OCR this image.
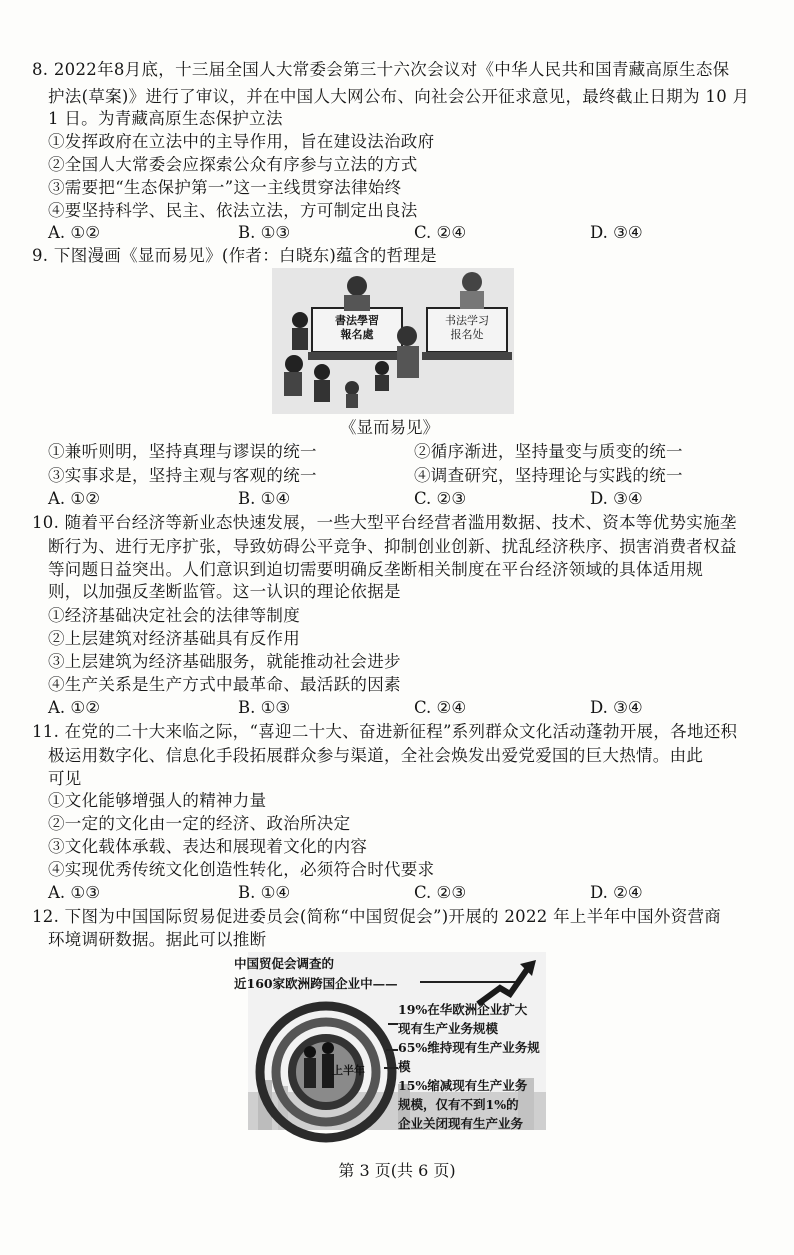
8. 2022年8月底，十三届全国人大常委会第三十六次会议对《中华人民共和国青藏高原生态保
护法(草案)》进行了审议，并在中国人大网公布、向社会公开征求意见，最终截止日期为 10 月
1 日。为青藏高原生态保护立法
①发挥政府在立法中的主导作用，旨在建设法治政府
②全国人大常委会应探索公众有序参与立法的方式
③需要把“生态保护第一”这一主线贯穿法律始终
④要坚持科学、民主、依法立法，方可制定出良法
A. ①②	B. ①③	C. ②④	D. ③④
9. 下图漫画《显而易见》(作者：白晓东)蕴含的哲理是
書法學習
報名處
书法学习
报名处
《显而易见》
①兼听则明，坚持真理与谬误的统一	②循序渐进，坚持量变与质变的统一
③实事求是，坚持主观与客观的统一	④调查研究，坚持理论与实践的统一
A. ①②	B. ①④	C. ②③	D. ③④
10. 随着平台经济等新业态快速发展，一些大型平台经营者滥用数据、技术、资本等优势实施垄
断行为、进行无序扩张，导致妨碍公平竞争、抑制创业创新、扰乱经济秩序、损害消费者权益
等问题日益突出。人们意识到迫切需要明确反垄断相关制度在平台经济领域的具体适用规
则，以加强反垄断监管。这一认识的理论依据是
①经济基础决定社会的法律等制度
②上层建筑对经济基础具有反作用
③上层建筑为经济基础服务，就能推动社会进步
④生产关系是生产方式中最革命、最活跃的因素
A. ①②	B. ①③	C. ②④	D. ③④
11. 在党的二十大来临之际，“喜迎二十大、奋进新征程”系列群众文化活动蓬勃开展，各地还积
极运用数字化、信息化手段拓展群众参与渠道，全社会焕发出爱党爱国的巨大热情。由此
可见
①文化能够增强人的精神力量
②一定的文化由一定的经济、政治所决定
③文化载体承载、表达和展现着文化的内容
④实现优秀传统文化创造性转化，必须符合时代要求
A. ①③	B. ①④	C. ②③	D. ②④
12. 下图为中国国际贸易促进委员会(简称“中国贸促会”)开展的 2022 年上半年中国外资营商
环境调研数据。据此可以推断
中国贸促会调查的
近160家欧洲跨国企业中——
19%在华欧洲企业扩大
现有生产业务规模
65%维持现有生产业务规模
15%缩减现有生产业务
规模，仅有不到1%的
企业关闭现有生产业务
上半年
第 3 页(共 6 页)
